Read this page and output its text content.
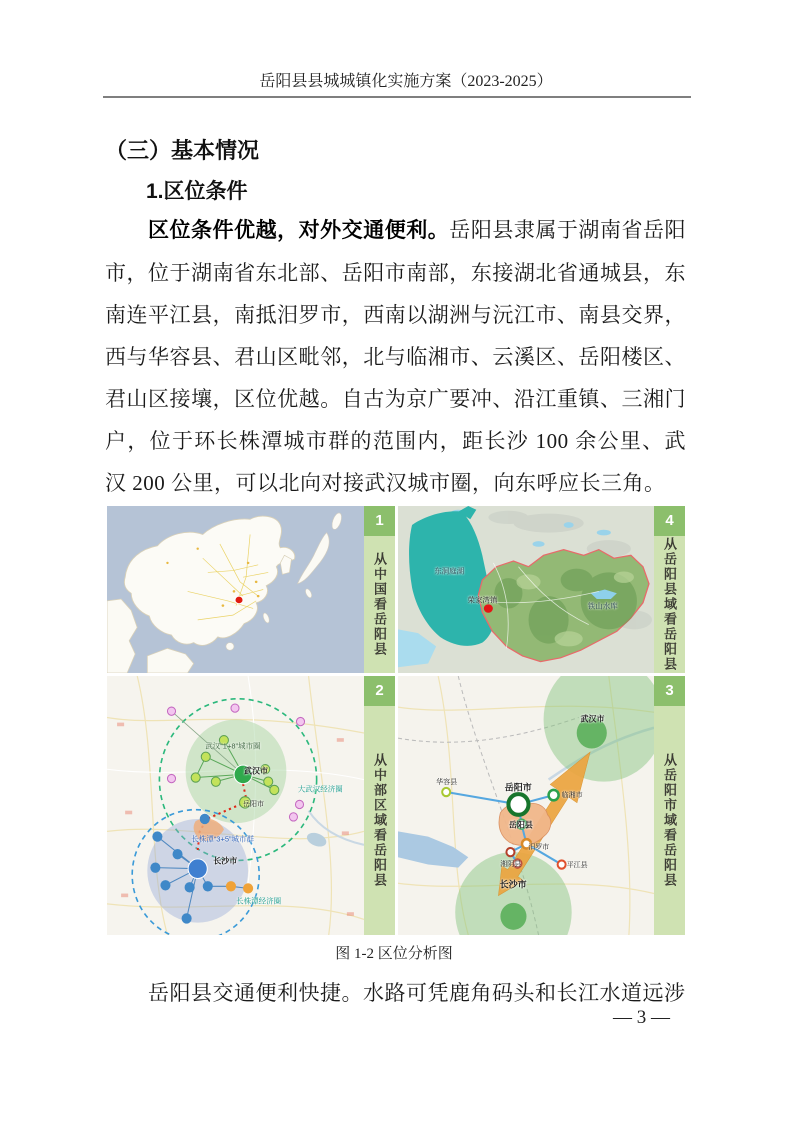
岳阳县县城城镇化实施方案（2023-2025）
（三）基本情况
1.区位条件

区位条件优越，对外交通便利。岳阳县隶属于湖南省岳阳市，位于湖南省东北部、岳阳市南部，东接湖北省通城县，东南连平江县，南抵汨罗市，西南以湖洲与沅江市、南县交界，西与华容县、君山区毗邻，北与临湘市、云溪区、岳阳楼区、君山区接壤，区位优越。自古为京广要冲、沿江重镇、三湘门户，位于环长株潭城市群的范围内，距长沙 100 余公里、武汉 200 公里，可以北向对接武汉城市圈，向东呼应长三角。

1
从中国看岳阳县	东洞庭湖
荣家湾镇
铁山水库
4
从岳阳县域看岳阳县
武汉“1+8”城市圈
武汉市
大武汉经济圈
岳阳市
长株潭“3+5”城市群
长沙市
长株潭经济圈
2
从中部区域看岳阳县
武汉市
华容县
岳阳市
临湘市
岳阳县
汨罗市
湘阴县	平江县
长沙市
3
从岳阳市域看岳阳县
图 1-2 区位分析图

岳阳县交通便利快捷。水路可凭鹿角码头和长江水道远涉

— 3 —
